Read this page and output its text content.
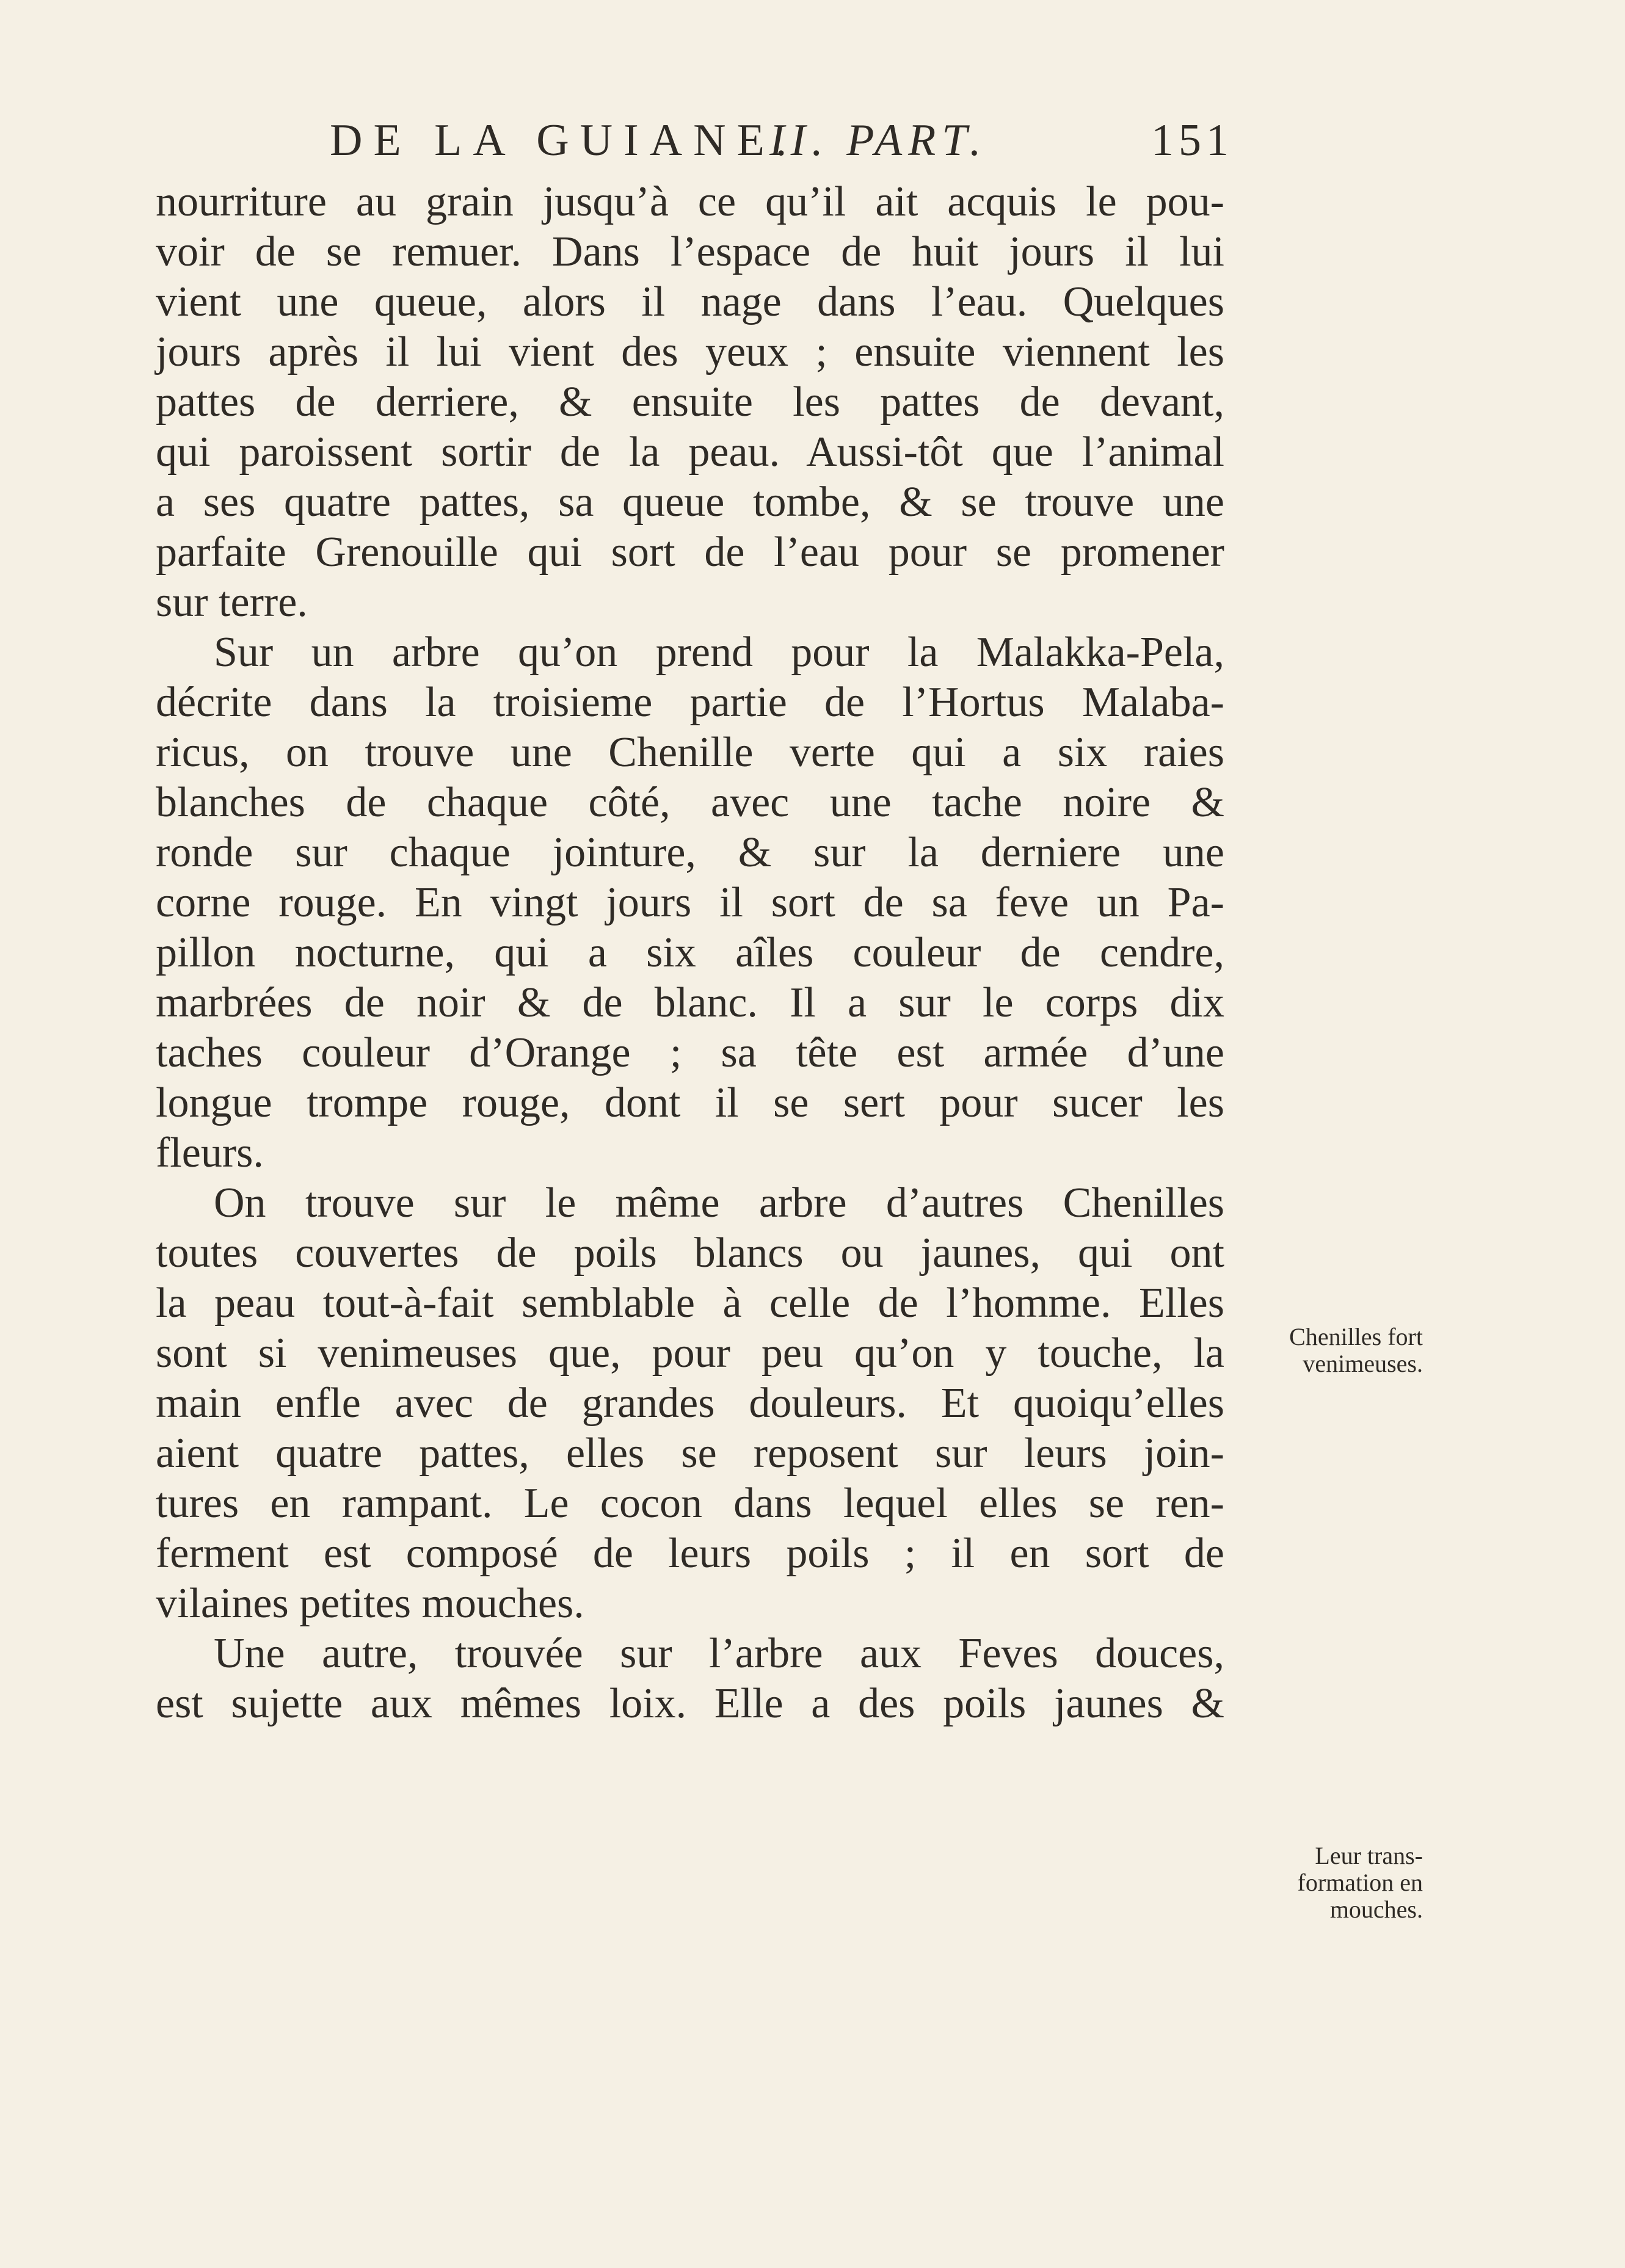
DE LA GUIANE.
II. PART.	151
nourriture au grain jusqu’à ce qu’il ait acquis le pou-
voir de se remuer. Dans l’espace de huit jours il lui
vient une queue, alors il nage dans l’eau. Quelques
jours après il lui vient des yeux ; ensuite viennent les
pattes de derriere, & ensuite les pattes de devant,
qui paroissent sortir de la peau. Aussi-tôt que l’animal
a ses quatre pattes, sa queue tombe, & se trouve une
parfaite Grenouille qui sort de l’eau pour se promener
sur terre.
Sur un arbre qu’on prend pour la Malakka-Pela,
décrite dans la troisieme partie de l’Hortus Malaba-
ricus, on trouve une Chenille verte qui a six raies
blanches de chaque côté, avec une tache noire &
ronde sur chaque jointure, & sur la derniere une
corne rouge. En vingt jours il sort de sa feve un Pa-
pillon nocturne, qui a six aîles couleur de cendre,
marbrées de noir & de blanc. Il a sur le corps dix
taches couleur d’Orange ; sa tête est armée d’une
longue trompe rouge, dont il se sert pour sucer les
fleurs.
On trouve sur le même arbre d’autres Chenilles
toutes couvertes de poils blancs ou jaunes, qui ont
la peau tout-à-fait semblable à celle de l’homme. Elles
sont si venimeuses que, pour peu qu’on y touche, la
main enfle avec de grandes douleurs. Et quoiqu’elles
aient quatre pattes, elles se reposent sur leurs join-
tures en rampant. Le cocon dans lequel elles se ren-
ferment est composé de leurs poils ; il en sort de
vilaines petites mouches.
Une autre, trouvée sur l’arbre aux Feves douces,
est sujette aux mêmes loix. Elle a des poils jaunes &
Chenilles fort
venimeuses.
Leur trans-
formation en
mouches.
